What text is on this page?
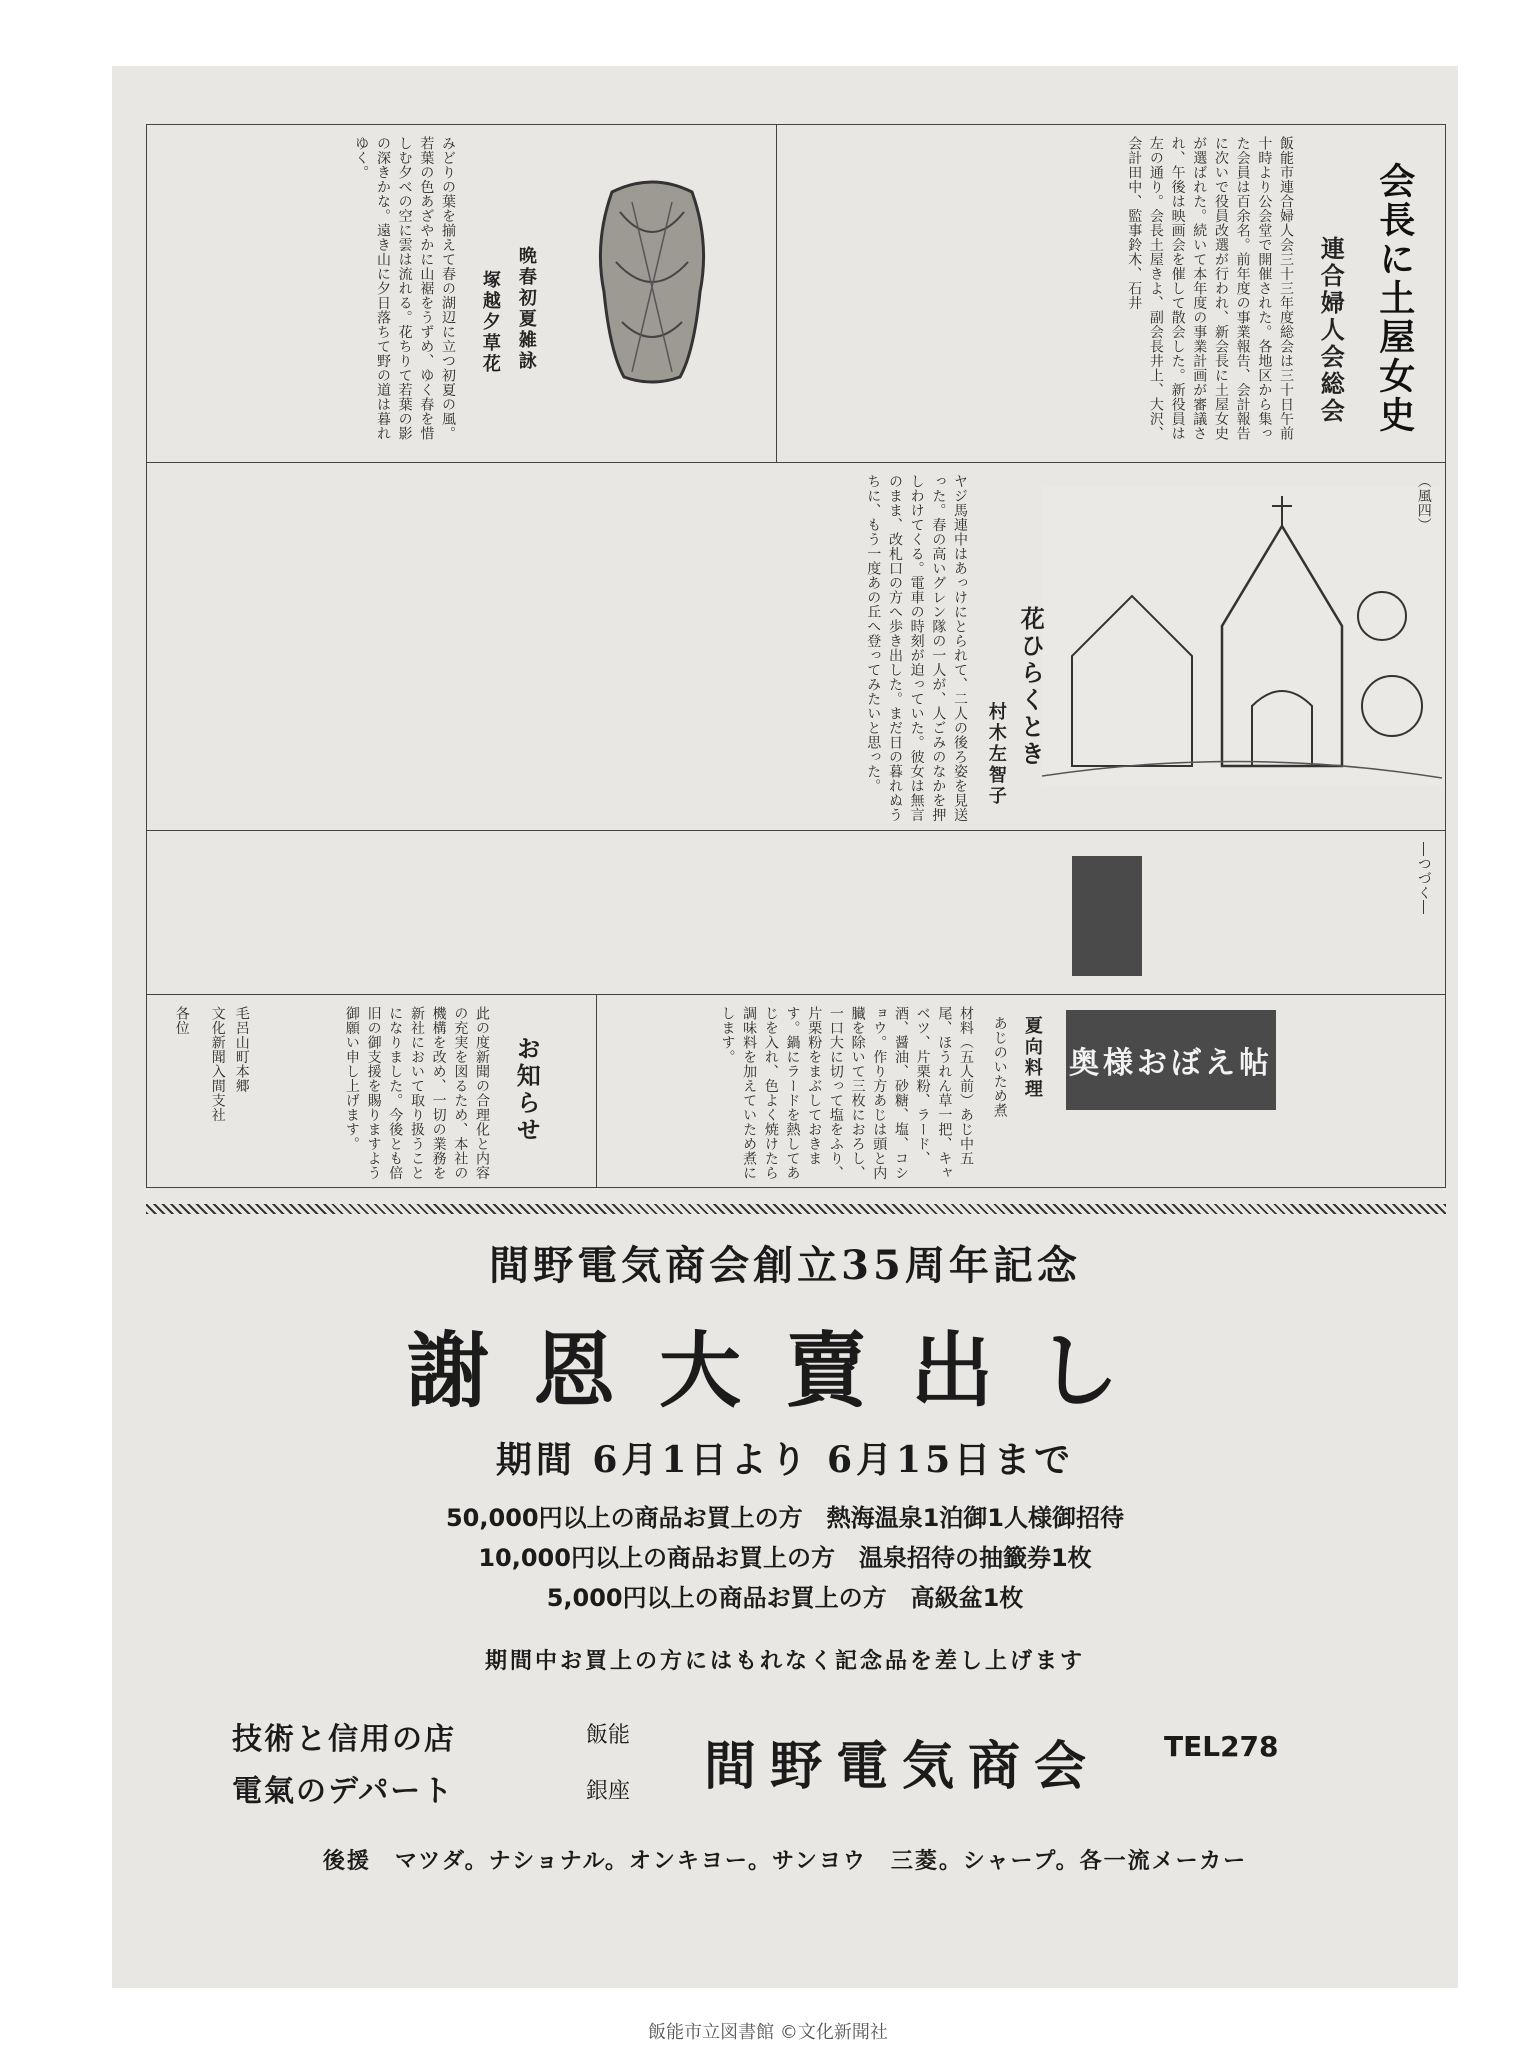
会長に土屋女史
連合婦人会総会
飯能市連合婦人会三十三年度総会は三十日午前十時より公会堂で開催された。各地区から集った会員は百余名。前年度の事業報告、会計報告に次いで役員改選が行われ、新会長に土屋女史が選ばれた。続いて本年度の事業計画が審議され、午後は映画会を催して散会した。新役員は左の通り。会長土屋きよ、副会長井上、大沢、会計田中、監事鈴木、石井
晩春初夏雑詠
塚越夕草花
みどりの葉を揃えて春の湖辺に立つ初夏の風。若葉の色あざやかに山裾をうずめ、ゆく春を惜しむ夕べの空に雲は流れる。花ちりて若葉の影の深きかな。遠き山に夕日落ちて野の道は暮れゆく。
花ひらくとき
村木左智子
（風四）
ヤジ馬連中はあっけにとられて、二人の後ろ姿を見送った。春の高いグレン隊の一人が、人ごみのなかを押しわけてくる。電車の時刻が迫っていた。彼女は無言のまま、改札口の方へ歩き出した。まだ日の暮れぬうちに、もう一度あの丘へ登ってみたいと思った。
―つづく―
奥様おぼえ帖
夏向料理
あじのいため煮
材料（五人前）あじ中五尾、ほうれん草一把、キャベツ、片栗粉、ラード、酒、醤油、砂糖、塩、コショウ。作り方あじは頭と内臓を除いて三枚におろし、一口大に切って塩をふり、片栗粉をまぶしておきます。鍋にラードを熱してあじを入れ、色よく焼けたら調味料を加えていため煮にします。
お知らせ
此の度新聞の合理化と内容の充実を図るため、本社の機構を改め、一切の業務を新社において取り扱うことになりました。今後とも倍旧の御支援を賜りますよう御願い申し上げます。
毛呂山町本郷
文化新聞入間支社
各位
間野電気商会創立35周年記念
謝恩大賣出し
期間 6月1日より 6月15日まで
50,000円以上の商品お買上の方　熱海温泉1泊御1人様御招待
10,000円以上の商品お買上の方　温泉招待の抽籤券1枚
5,000円以上の商品お買上の方　高級盆1枚
期間中お買上の方にはもれなく記念品を差し上げます
技術と信用の店
電氣のデパート
飯能
銀座 間野電気商会 TEL278
後援　マツダ。ナショナル。オンキヨー。サンヨウ　三菱。シャープ。各一流メーカー
飯能市立図書館 ©文化新聞社
